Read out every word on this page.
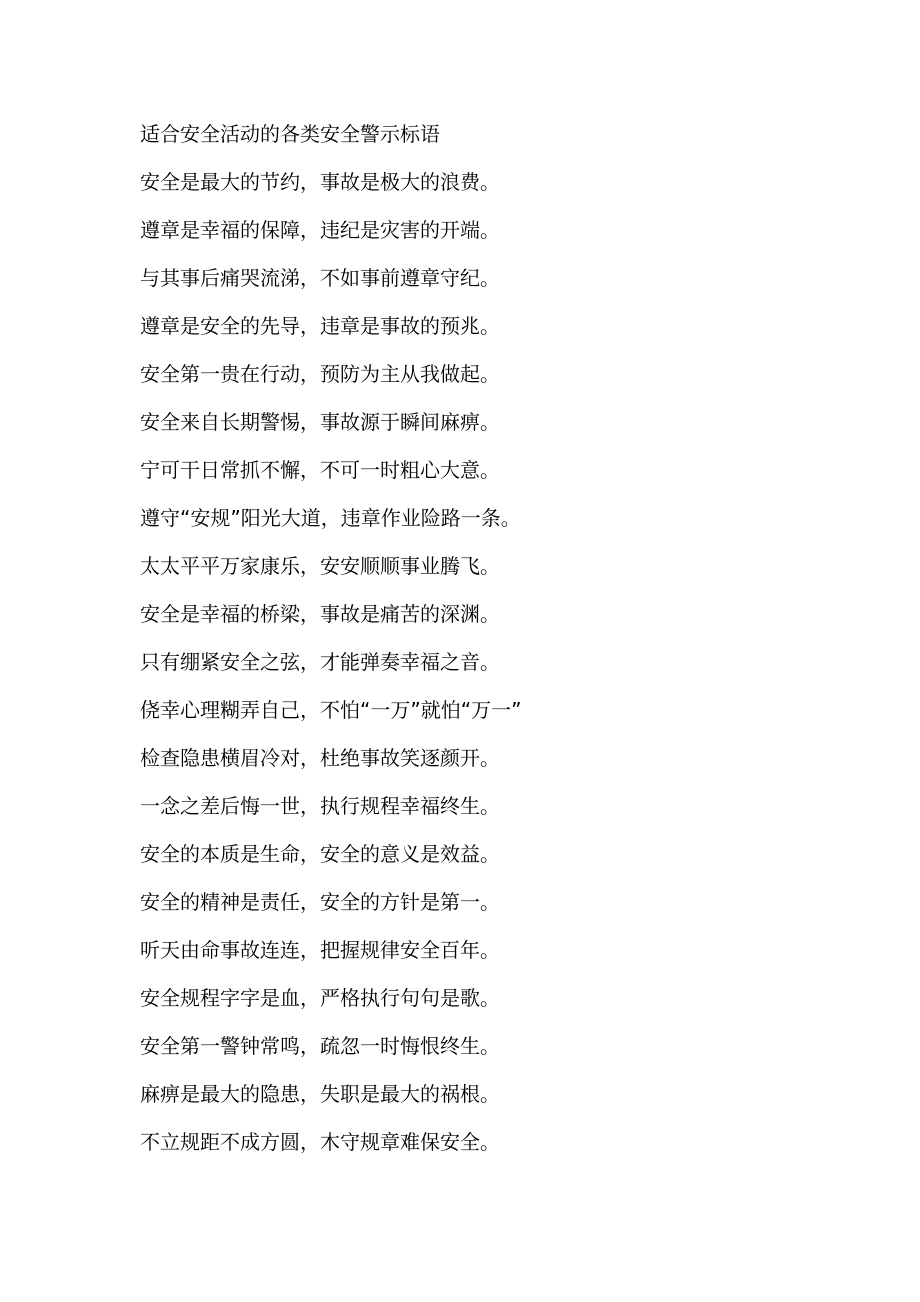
适合安全活动的各类安全警示标语
安全是最大的节约，事故是极大的浪费。
遵章是幸福的保障，违纪是灾害的开端。
与其事后痛哭流涕，不如事前遵章守纪。
遵章是安全的先导，违章是事故的预兆。
安全第一贵在行动，预防为主从我做起。
安全来自长期警惕，事故源于瞬间麻痹。
宁可干日常抓不懈，不可一时粗心大意。
遵守“安规”阳光大道，违章作业险路一条。
太太平平万家康乐，安安顺顺事业腾飞。
安全是幸福的桥梁，事故是痛苦的深渊。
只有绷紧安全之弦，才能弹奏幸福之音。
侥幸心理糊弄自己，不怕“一万”就怕“万一”
检查隐患横眉冷对，杜绝事故笑逐颜开。
一念之差后悔一世，执行规程幸福终生。
安全的本质是生命，安全的意义是效益。
安全的精神是责任，安全的方针是第一。
听天由命事故连连，把握规律安全百年。
安全规程字字是血，严格执行句句是歌。
安全第一警钟常鸣，疏忽一时悔恨终生。
麻痹是最大的隐患，失职是最大的祸根。
不立规距不成方圆，木守规章难保安全。
